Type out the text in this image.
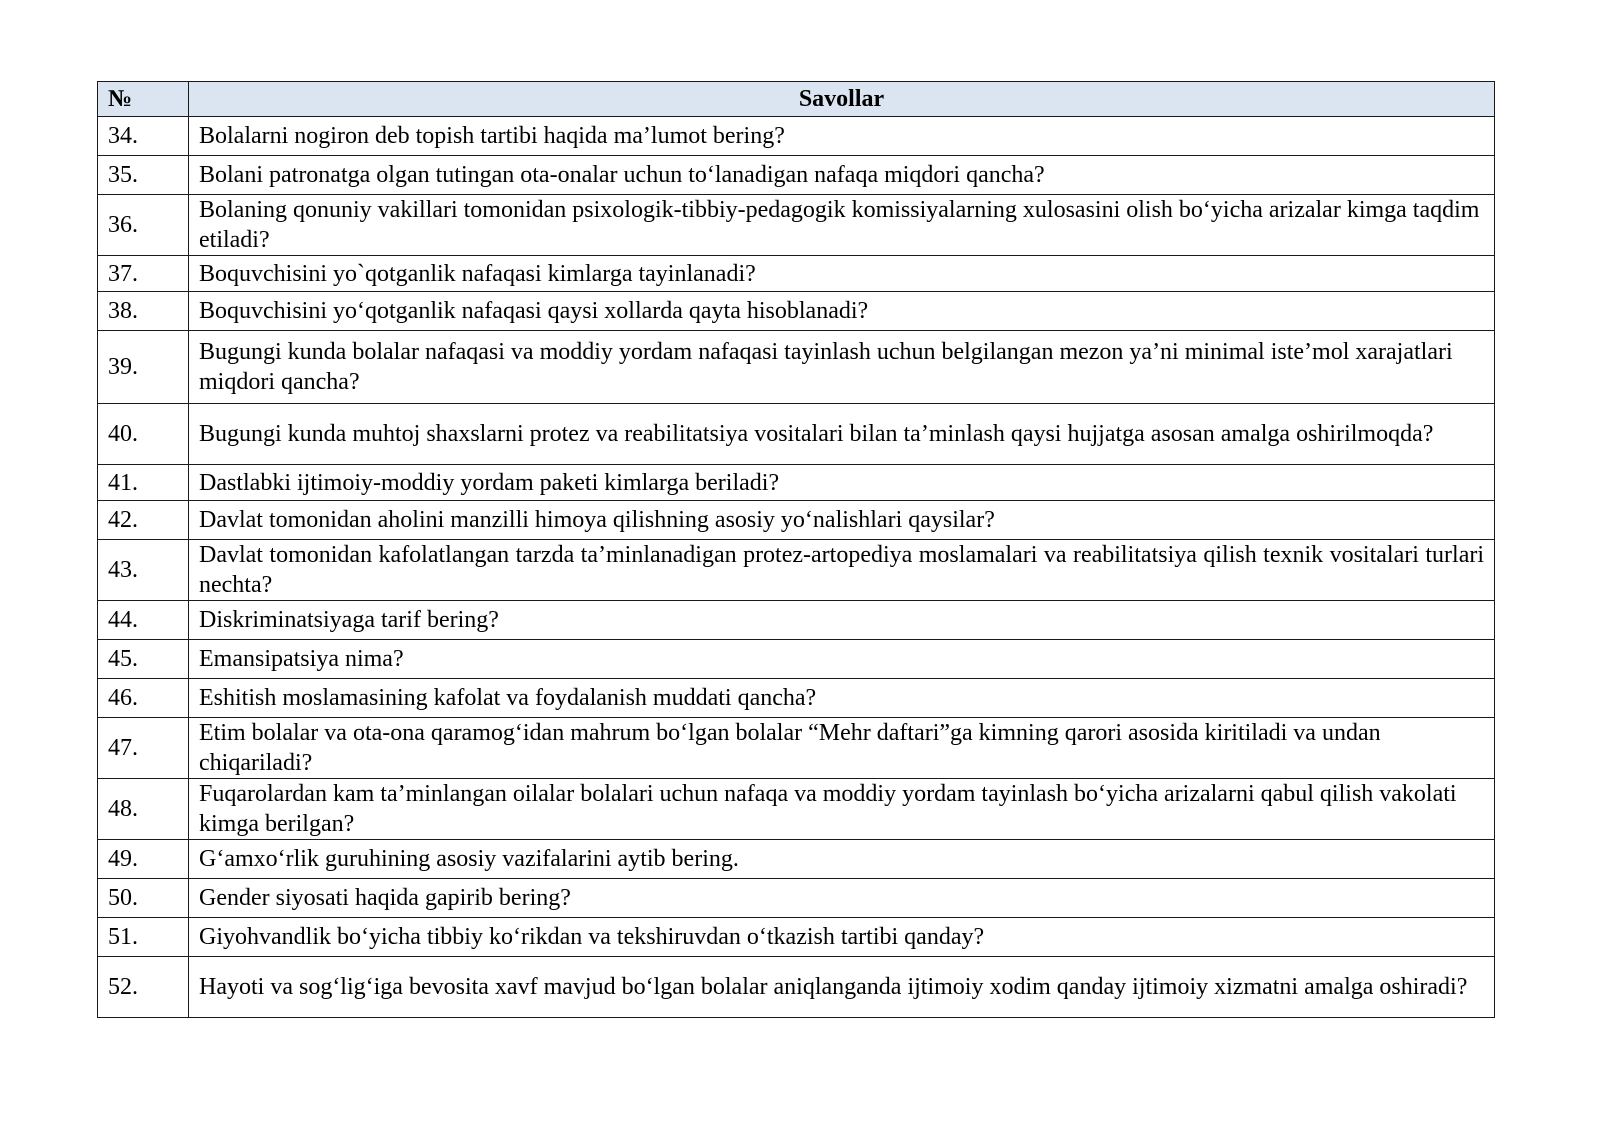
№	Savollar
34.	Bolalarni nogiron deb topish tartibi haqida ma’lumot bering?
35.	Bolani patronatga olgan tutingan ota-onalar uchun to‘lanadigan nafaqa miqdori qancha?
36.	Bolaning qonuniy vakillari tomonidan psixologik-tibbiy-pedagogik komissiyalarning xulosasini olish bo‘yicha arizalar kimga taqdim etiladi?
37.	Boquvchisini yo`qotganlik nafaqasi kimlarga tayinlanadi?
38.	Boquvchisini yo‘qotganlik nafaqasi qaysi xollarda qayta hisoblanadi?
39.	Bugungi kunda bolalar nafaqasi va moddiy yordam nafaqasi tayinlash uchun belgilangan mezon ya’ni minimal iste’mol xarajatlari miqdori qancha?
40.	Bugungi kunda muhtoj shaxslarni protez va reabilitatsiya vositalari bilan ta’minlash qaysi hujjatga asosan amalga oshirilmoqda?
41.	Dastlabki ijtimoiy-moddiy yordam paketi kimlarga beriladi?
42.	Davlat tomonidan aholini manzilli himoya qilishning asosiy yo‘nalishlari qaysilar?
43.	Davlat tomonidan kafolatlangan tarzda ta’minlanadigan protez-artopediya moslamalari va reabilitatsiya qilish texnik vositalari turlari nechta?
44.	Diskriminatsiyaga tarif bering?
45.	Emansipatsiya nima?
46.	Eshitish moslamasining kafolat va foydalanish muddati qancha?
47.	Etim bolalar va ota-ona qaramog‘idan mahrum bo‘lgan bolalar “Mehr daftari”ga kimning qarori asosida kiritiladi va undan chiqariladi?
48.	Fuqarolardan kam ta’minlangan oilalar bolalari uchun nafaqa va moddiy yordam tayinlash bo‘yicha arizalarni qabul qilish vakolati kimga berilgan?
49.	G‘amxo‘rlik guruhining asosiy vazifalarini aytib bering.
50.	Gender siyosati haqida gapirib bering?
51.	Giyohvandlik bo‘yicha tibbiy ko‘rikdan va tekshiruvdan o‘tkazish tartibi qanday?
52.	Hayoti va sog‘lig‘iga bevosita xavf mavjud bo‘lgan bolalar aniqlanganda ijtimoiy xodim qanday ijtimoiy xizmatni amalga oshiradi?
